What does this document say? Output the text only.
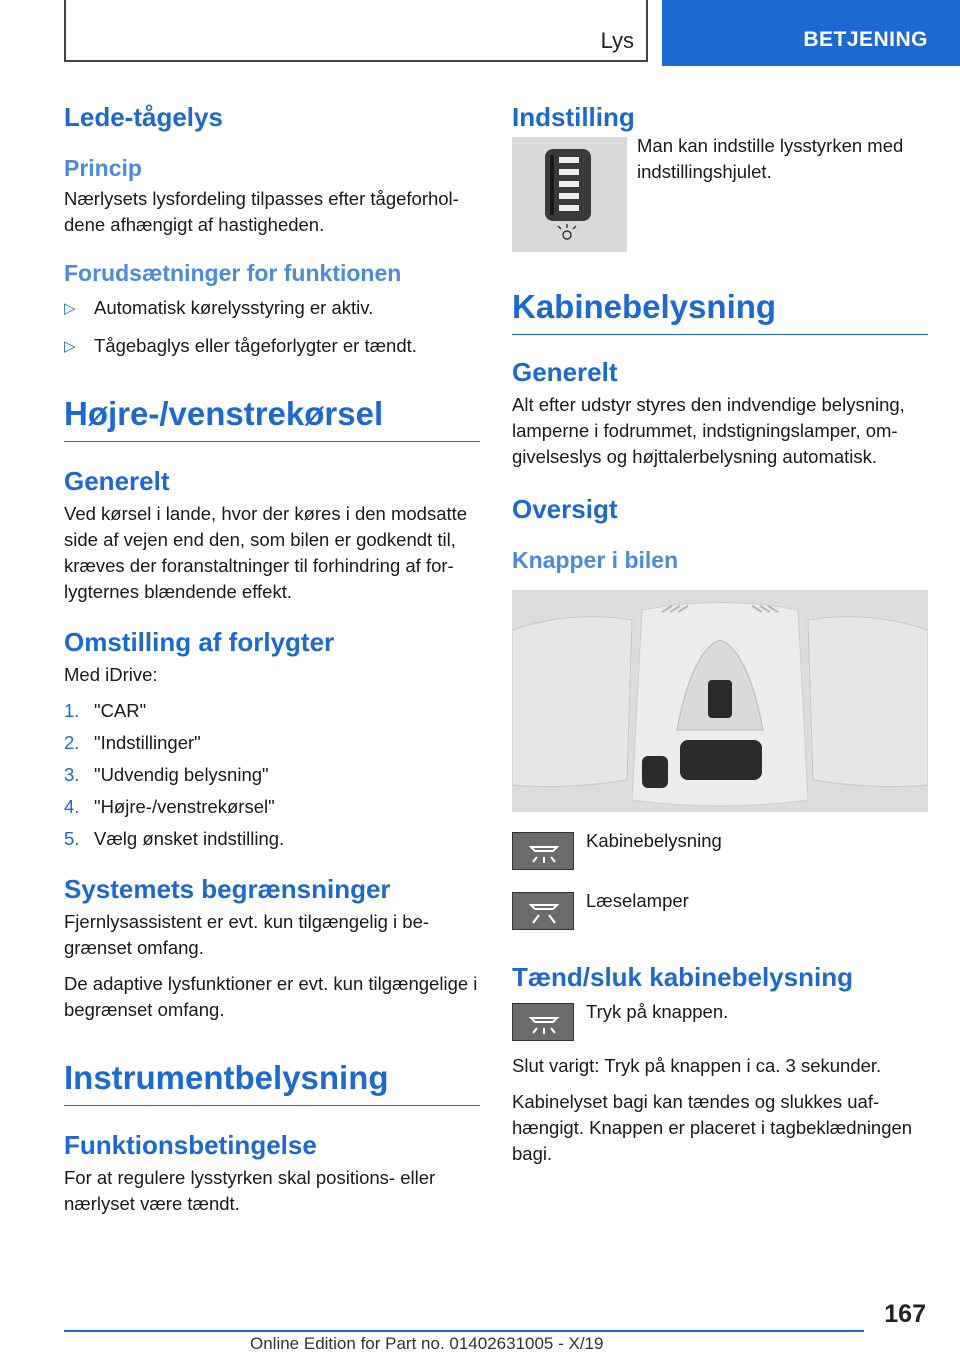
Lys	BETJENING
Lede-tågelys
Princip

Nærlysets lysfordeling tilpasses efter tågeforholdene afhængigt af hastigheden.

Forudsætninger for funktionen
▷ Automatisk kørelysstyring er aktiv.
▷ Tågebaglys eller tågeforlygter er tændt.
Højre-/venstrekørsel
Generelt

Ved kørsel i lande, hvor der køres i den modsatte side af vejen end den, som bilen er godkendt til, kræves der foranstaltninger til forhindring af forlygternes blændende effekt.

Omstilling af forlygter

Med iDrive:

1. "CAR"
2. "Indstillinger"
3. "Udvendig belysning"
4. "Højre-/venstrekørsel"
5. Vælg ønsket indstilling.
Systemets begrænsninger

Fjernlysassistent er evt. kun tilgængelig i begrænset omfang.

De adaptive lysfunktioner er evt. kun tilgængelige i begrænset omfang.

Instrumentbelysning
Funktionsbetingelse

For at regulere lysstyrken skal positions- eller nærlyset være tændt.

Indstilling

Man kan indstille lysstyrken med indstillingshjulet.

Kabinebelysning
Generelt

Alt efter udstyr styres den indvendige belysning, lamperne i fodrummet, indstigningslamper, omgivelseslys og højttalerbelysning automatisk.

Oversigt
Knapper i bilen
Kabinebelysning
Læselamper
Tænd/sluk kabinebelysning
Tryk på knappen.

Slut varigt: Tryk på knappen i ca. 3 sekunder.

Kabinelyset bagi kan tændes og slukkes uafhængigt. Knappen er placeret i tagbeklædningen bagi.

167
Online Edition for Part no. 01402631005 - X/19
